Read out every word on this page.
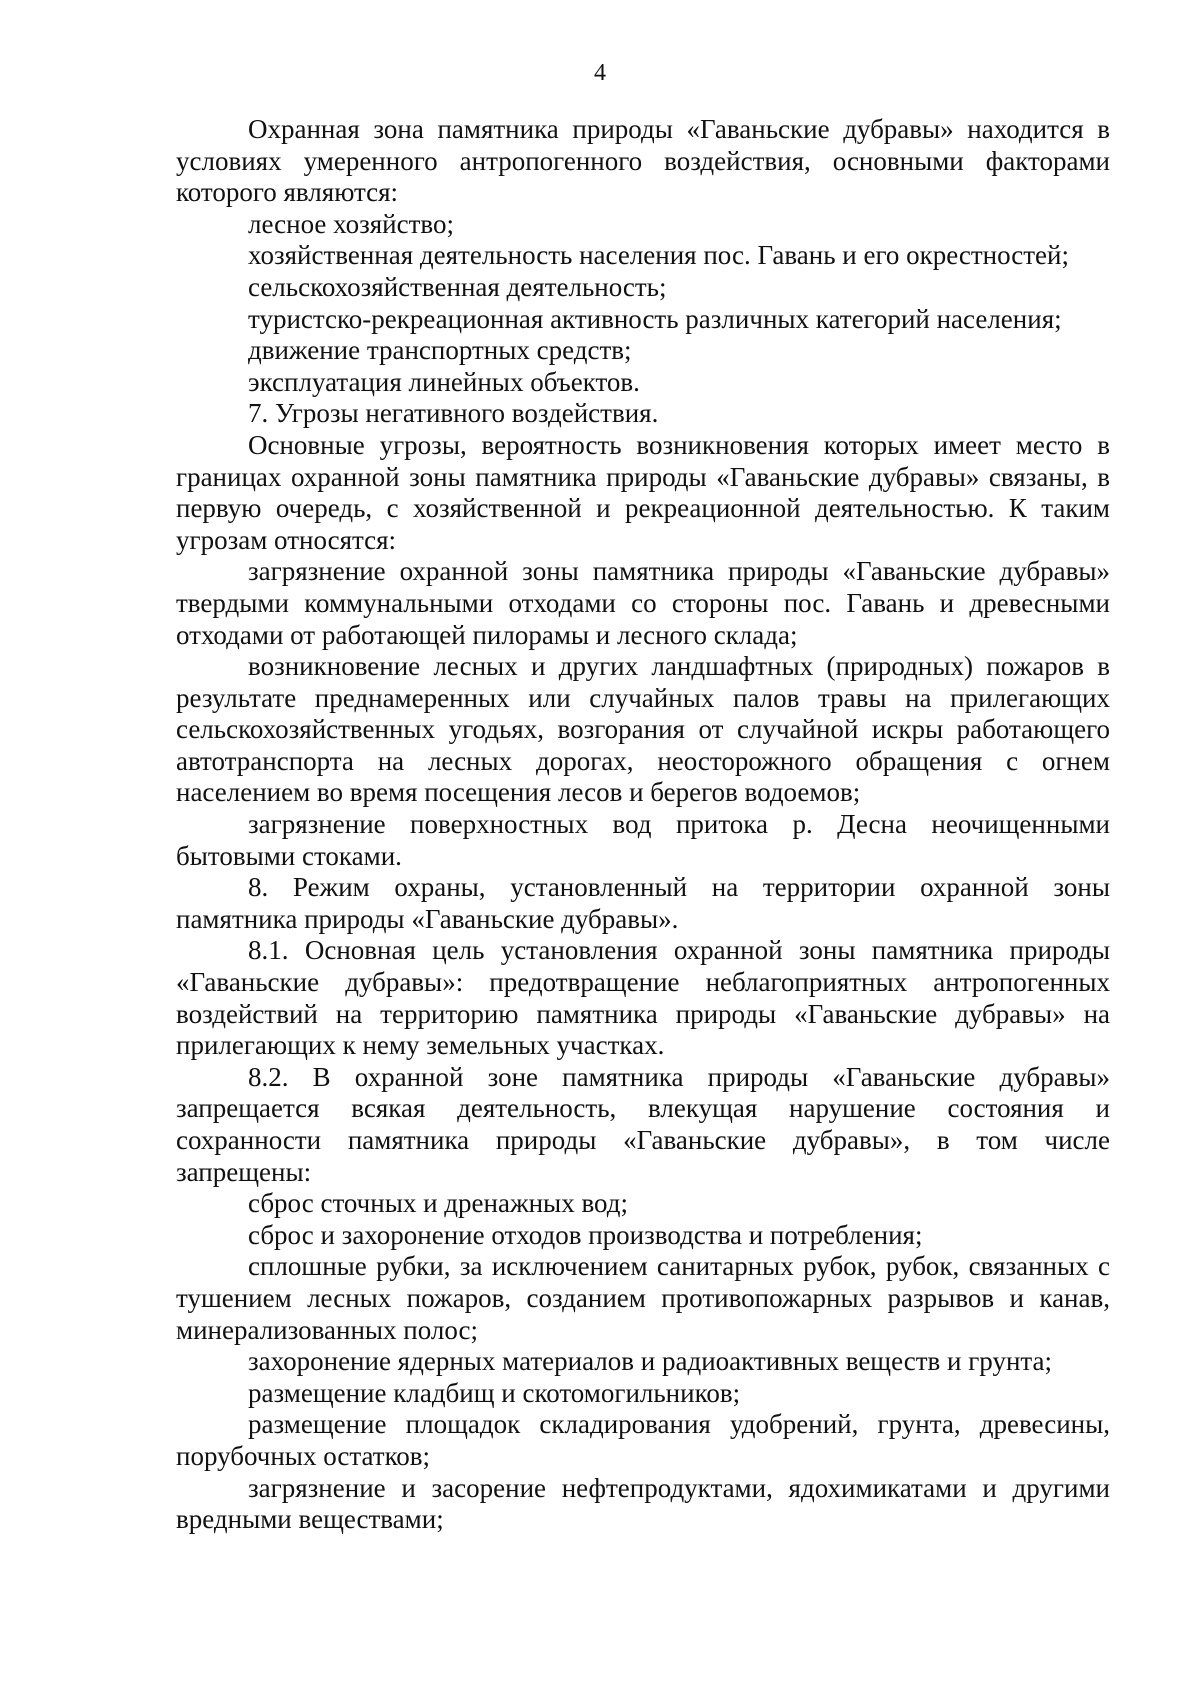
4

Охранная зона памятника природы «Гаваньские дубравы» находится в условиях умеренного антропогенного воздействия, основными факторами которого являются:

лесное хозяйство;

хозяйственная деятельность населения пос. Гавань и его окрестностей;

сельскохозяйственная деятельность;

туристско-рекреационная активность различных категорий населения;

движение транспортных средств;

эксплуатация линейных объектов.

7. Угрозы негативного воздействия.

Основные угрозы, вероятность возникновения которых имеет место в границах охранной зоны памятника природы «Гаваньские дубравы» связаны, в первую очередь, с хозяйственной и рекреационной деятельностью. К таким угрозам относятся:

загрязнение охранной зоны памятника природы «Гаваньские дубравы» твердыми коммунальными отходами со стороны пос. Гавань и древесными отходами от работающей пилорамы и лесного склада;

возникновение лесных и других ландшафтных (природных) пожаров в результате преднамеренных или случайных палов травы на прилегающих сельскохозяйственных угодьях, возгорания от случайной искры работающего автотранспорта на лесных дорогах, неосторожного обращения с огнем населением во время посещения лесов и берегов водоемов;

загрязнение поверхностных вод притока р. Десна неочищенными бытовыми стоками.

8. Режим охраны, установленный на территории охранной зоны памятника природы «Гаваньские дубравы».

8.1. Основная цель установления охранной зоны памятника природы «Гаваньские дубравы»: предотвращение неблагоприятных антропогенных воздействий на территорию памятника природы «Гаваньские дубравы» на прилегающих к нему земельных участках.

8.2. В охранной зоне памятника природы «Гаваньские дубравы» запрещается всякая деятельность, влекущая нарушение состояния и сохранности памятника природы «Гаваньские дубравы», в том числе запрещены:

сброс сточных и дренажных вод;

сброс и захоронение отходов производства и потребления;

сплошные рубки, за исключением санитарных рубок, рубок, связанных с тушением лесных пожаров, созданием противопожарных разрывов и канав, минерализованных полос;

захоронение ядерных материалов и радиоактивных веществ и грунта;

размещение кладбищ и скотомогильников;

размещение площадок складирования удобрений, грунта, древесины, порубочных остатков;

загрязнение и засорение нефтепродуктами, ядохимикатами и другими вредными веществами;
